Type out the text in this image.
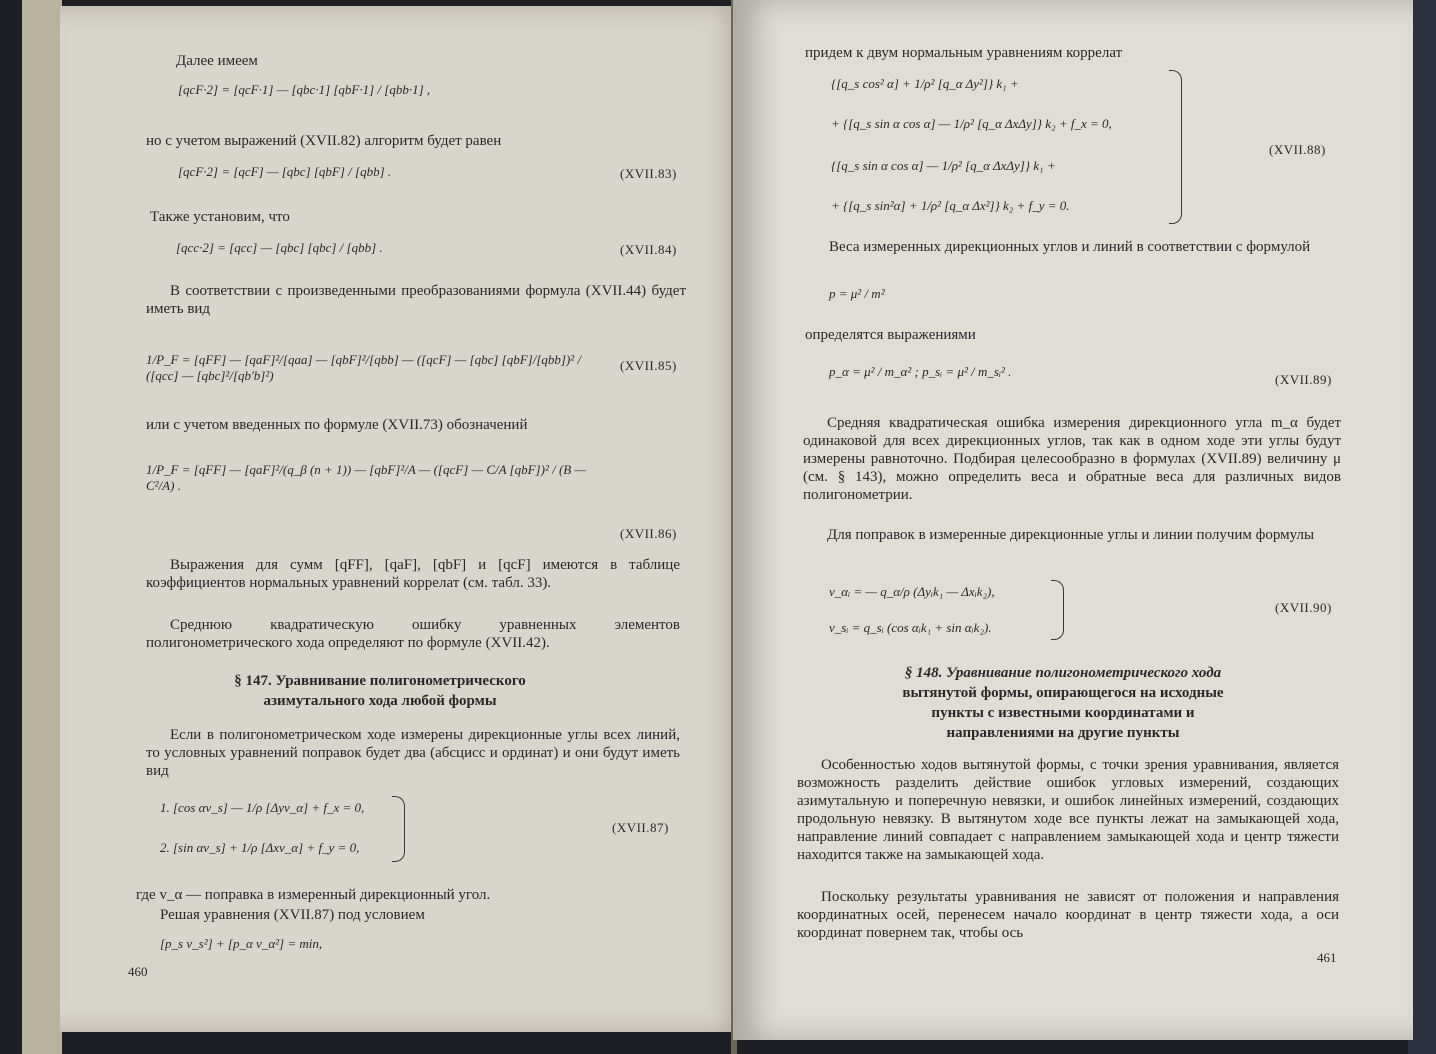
Далее имеем
[qcF·2] = [qcF·1] — [qbc·1] [qbF·1] / [qbb·1] ,
но с учетом выражений (XVII.82) алгоритм будет равен
[qcF·2] = [qcF] — [qbc] [qbF] / [qbb] .	(XVII.83)
Также установим, что
[qcc·2] = [qcc] — [qbc] [qbc] / [qbb] .	(XVII.84)
В соответствии с произведенными преобразованиями формула (XVII.44) будет иметь вид
1/P_F = [qFF] — [qaF]²/[qaa] — [qbF]²/[qbb] — ([qcF] — [qbc] [qbF]/[qbb])² / ([qcc] — [qbc]²/[qb'b]²)
(XVII.85)
или с учетом введенных по формуле (XVII.73) обозначений
1/P_F = [qFF] — [qaF]²/(q_β (n + 1)) — [qbF]²/A — ([qcF] — C/A [qbF])² / (B — C²/A) .
(XVII.86)
Выражения для сумм [qFF], [qaF], [qbF] и [qcF] имеются в таблице коэффициентов нормальных уравнений коррелат (см. табл. 33).
Среднюю квадратическую ошибку уравненных элементов полигонометрического хода определяют по формуле (XVII.42).
§ 147. Уравнивание полигонометрического
азимутального хода любой формы
Если в полигонометрическом ходе измерены дирекционные углы всех линий, то условных уравнений поправок будет два (абсцисс и ординат) и они будут иметь вид
1. [cos αv_s] — 1/ρ [Δyv_α] + f_x = 0,
2. [sin αv_s] + 1/ρ [Δxv_α] + f_y = 0,
(XVII.87)
где v_α — поправка в измеренный дирекционный угол.
Решая уравнения (XVII.87) под условием
[p_s v_s²] + [p_α v_α²] = min,
460
придем к двум нормальным уравнениям коррелат
{[q_s cos² α] + 1/ρ² [q_α Δy²]} k₁ +
+ {[q_s sin α cos α] — 1/ρ² [q_α ΔxΔy]} k₂ + f_x = 0,
{[q_s sin α cos α] — 1/ρ² [q_α ΔxΔy]} k₁ +
+ {[q_s sin²α] + 1/ρ² [q_α Δx²]} k₂ + f_y = 0.
(XVII.88)
Веса измеренных дирекционных углов и линий в соответствии с формулой
p = μ² / m²
определятся выражениями
p_α = μ² / m_α² ; p_sᵢ = μ² / m_sᵢ² .
(XVII.89)
Средняя квадратическая ошибка измерения дирекционного угла m_α будет одинаковой для всех дирекционных углов, так как в одном ходе эти углы будут измерены равноточно. Подбирая целесообразно в формулах (XVII.89) величину μ (см. § 143), можно определить веса и обратные веса для различных видов полигонометрии.
Для поправок в измеренные дирекционные углы и линии получим формулы
v_αᵢ = — q_α/ρ (Δyᵢk₁ — Δxᵢk₂),
v_sᵢ = q_sᵢ (cos αᵢk₁ + sin αᵢk₂).
(XVII.90)
§ 148. Уравнивание полигонометрического хода
вытянутой формы, опирающегося на исходные
пункты с известными координатами и
направлениями на другие пункты
Особенностью ходов вытянутой формы, с точки зрения уравнивания, является возможность разделить действие ошибок угловых измерений, создающих азимутальную и поперечную невязки, и ошибок линейных измерений, создающих продольную невязку. В вытянутом ходе все пункты лежат на замыкающей хода, направление линий совпадает с направлением замыкающей хода и центр тяжести находится также на замыкающей хода.
Поскольку результаты уравнивания не зависят от положения и направления координатных осей, перенесем начало координат в центр тяжести хода, а оси координат повернем так, чтобы ось
461
